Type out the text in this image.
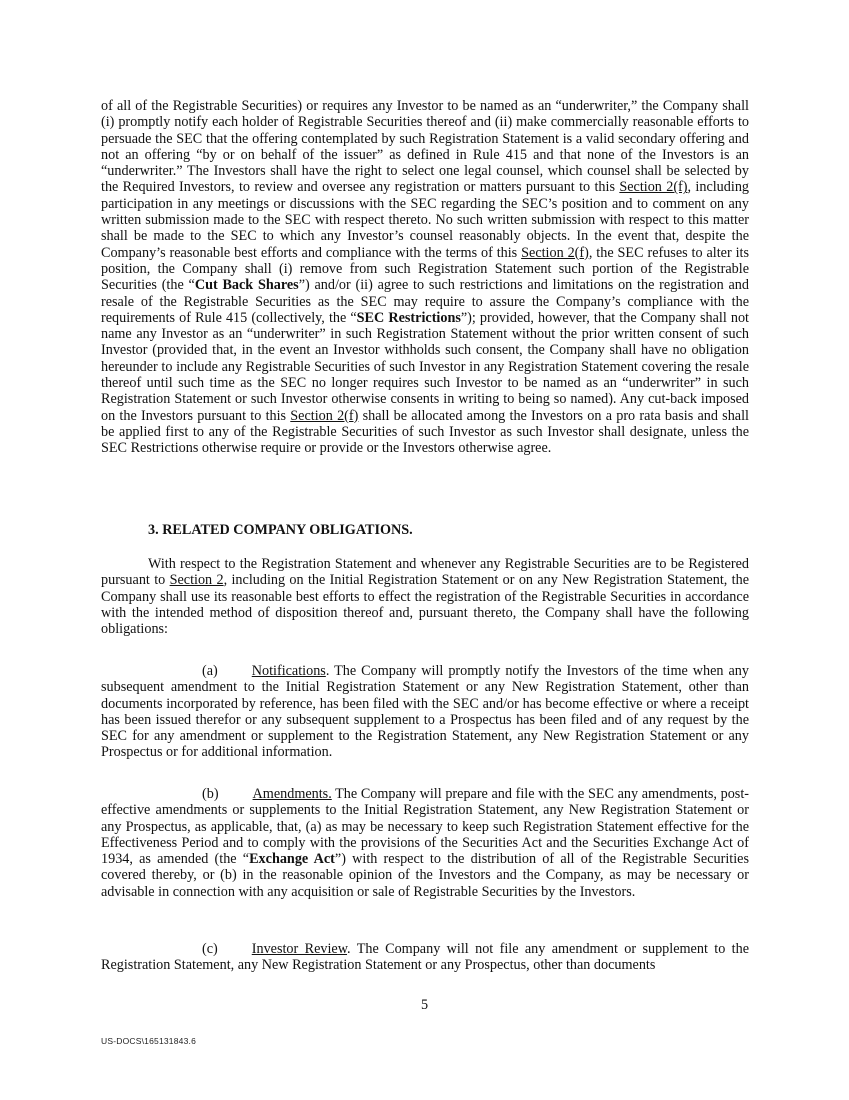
of all of the Registrable Securities) or requires any Investor to be named as an “underwriter,” the Company shall (i) promptly notify each holder of Registrable Securities thereof and (ii) make commercially reasonable efforts to persuade the SEC that the offering contemplated by such Registration Statement is a valid secondary offering and not an offering “by or on behalf of the issuer” as defined in Rule 415 and that none of the Investors is an “underwriter.” The Investors shall have the right to select one legal counsel, which counsel shall be selected by the Required Investors, to review and oversee any registration or matters pursuant to this Section 2(f), including participation in any meetings or discussions with the SEC regarding the SEC’s position and to comment on any written submission made to the SEC with respect thereto. No such written submission with respect to this matter shall be made to the SEC to which any Investor’s counsel reasonably objects. In the event that, despite the Company’s reasonable best efforts and compliance with the terms of this Section 2(f), the SEC refuses to alter its position, the Company shall (i) remove from such Registration Statement such portion of the Registrable Securities (the “Cut Back Shares”) and/or (ii) agree to such restrictions and limitations on the registration and resale of the Registrable Securities as the SEC may require to assure the Company’s compliance with the requirements of Rule 415 (collectively, the “SEC Restrictions”); provided, however, that the Company shall not name any Investor as an “underwriter” in such Registration Statement without the prior written consent of such Investor (provided that, in the event an Investor withholds such consent, the Company shall have no obligation hereunder to include any Registrable Securities of such Investor in any Registration Statement covering the resale thereof until such time as the SEC no longer requires such Investor to be named as an “underwriter” in such Registration Statement or such Investor otherwise consents in writing to being so named). Any cut-back imposed on the Investors pursuant to this Section 2(f) shall be allocated among the Investors on a pro rata basis and shall be applied first to any of the Registrable Securities of such Investor as such Investor shall designate, unless the SEC Restrictions otherwise require or provide or the Investors otherwise agree.

3. RELATED COMPANY OBLIGATIONS.

With respect to the Registration Statement and whenever any Registrable Securities are to be Registered pursuant to Section 2, including on the Initial Registration Statement or on any New Registration Statement, the Company shall use its reasonable best efforts to effect the registration of the Registrable Securities in accordance with the intended method of disposition thereof and, pursuant thereto, the Company shall have the following obligations:

(a) Notifications. The Company will promptly notify the Investors of the time when any subsequent amendment to the Initial Registration Statement or any New Registration Statement, other than documents incorporated by reference, has been filed with the SEC and/or has become effective or where a receipt has been issued therefor or any subsequent supplement to a Prospectus has been filed and of any request by the SEC for any amendment or supplement to the Registration Statement, any New Registration Statement or any Prospectus or for additional information.

(b) Amendments. The Company will prepare and file with the SEC any amendments, post-effective amendments or supplements to the Initial Registration Statement, any New Registration Statement or any Prospectus, as applicable, that, (a) as may be necessary to keep such Registration Statement effective for the Effectiveness Period and to comply with the provisions of the Securities Act and the Securities Exchange Act of 1934, as amended (the “Exchange Act”) with respect to the distribution of all of the Registrable Securities covered thereby, or (b) in the reasonable opinion of the Investors and the Company, as may be necessary or advisable in connection with any acquisition or sale of Registrable Securities by the Investors.

(c) Investor Review. The Company will not file any amendment or supplement to the Registration Statement, any New Registration Statement or any Prospectus, other than documents

5
US-DOCS\165131843.6
